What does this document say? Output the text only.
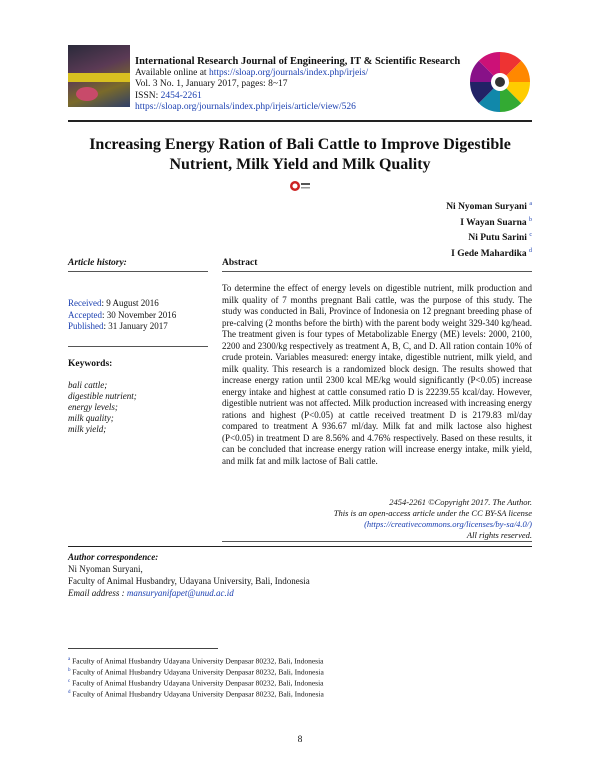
International Research Journal of Engineering, IT & Scientific Research
Available online at https://sloap.org/journals/index.php/irjeis/
Vol. 3 No. 1, January 2017, pages: 8~17
ISSN: 2454-2261
https://sloap.org/journals/index.php/irjeis/article/view/526
Increasing Energy Ration of Bali Cattle to Improve Digestible
Nutrient, Milk Yield and Milk Quality
Ni Nyoman Suryani $^a$
I Wayan Suarna $^b$
Ni Putu Sarini $^c$
I Gede Mahardika $^d$
Article history:
Received: 9 August 2016
Accepted: 30 November 2016
Published: 31 January 2017
Keywords:
bali cattle;
digestible nutrient;
energy levels;
milk quality;
milk yield;
Abstract
To determine the effect of energy levels on digestible nutrient, milk production and milk quality of 7 months pregnant Bali cattle, was the purpose of this study. The study was conducted in Bali, Province of Indonesia on 12 pregnant breeding phase of pre-calving (2 months before the birth) with the parent body weight 329-340 kg/head. The treatment given is four types of Metabolizable Energy (ME) levels: 2000, 2100, 2200 and 2300/kg respectively as treatment A, B, C, and D. All ration contain 10% of crude protein. Variables measured: energy intake, digestible nutrient, milk yield, and milk quality. This research is a randomized block design. The results showed that increase energy ration until 2300 kcal ME/kg would significantly (P<0.05) increase energy intake and highest at cattle consumed ratio D is 22239.55 kcal/day. However, digestible nutrient was not affected. Milk production increased with increasing energy rations and highest (P<0.05) at cattle received treatment D is 2179.83 ml/day compared to treatment A 936.67 ml/day. Milk fat and milk lactose also highest (P<0.05) in treatment D are 8.56% and 4.76% respectively. Based on these results, it can be concluded that increase energy ration will increase energy intake, milk yield, and milk fat and milk lactose of Bali cattle.
2454-2261 ©Copyright 2017. The Author.
This is an open-access article under the CC BY-SA license
(https://creativecommons.org/licenses/by-sa/4.0/)
All rights reserved.
Author correspondence:
Ni Nyoman Suryani,
Faculty of Animal Husbandry, Udayana University, Bali, Indonesia
Email address : mansuryanifapet@unud.ac.id
$^a$ Faculty of Animal Husbandry Udayana University Denpasar 80232, Bali, Indonesia
$^b$ Faculty of Animal Husbandry Udayana University Denpasar 80232, Bali, Indonesia
$^c$ Faculty of Animal Husbandry Udayana University Denpasar 80232, Bali, Indonesia
$^d$ Faculty of Animal Husbandry Udayana University Denpasar 80232, Bali, Indonesia
8
